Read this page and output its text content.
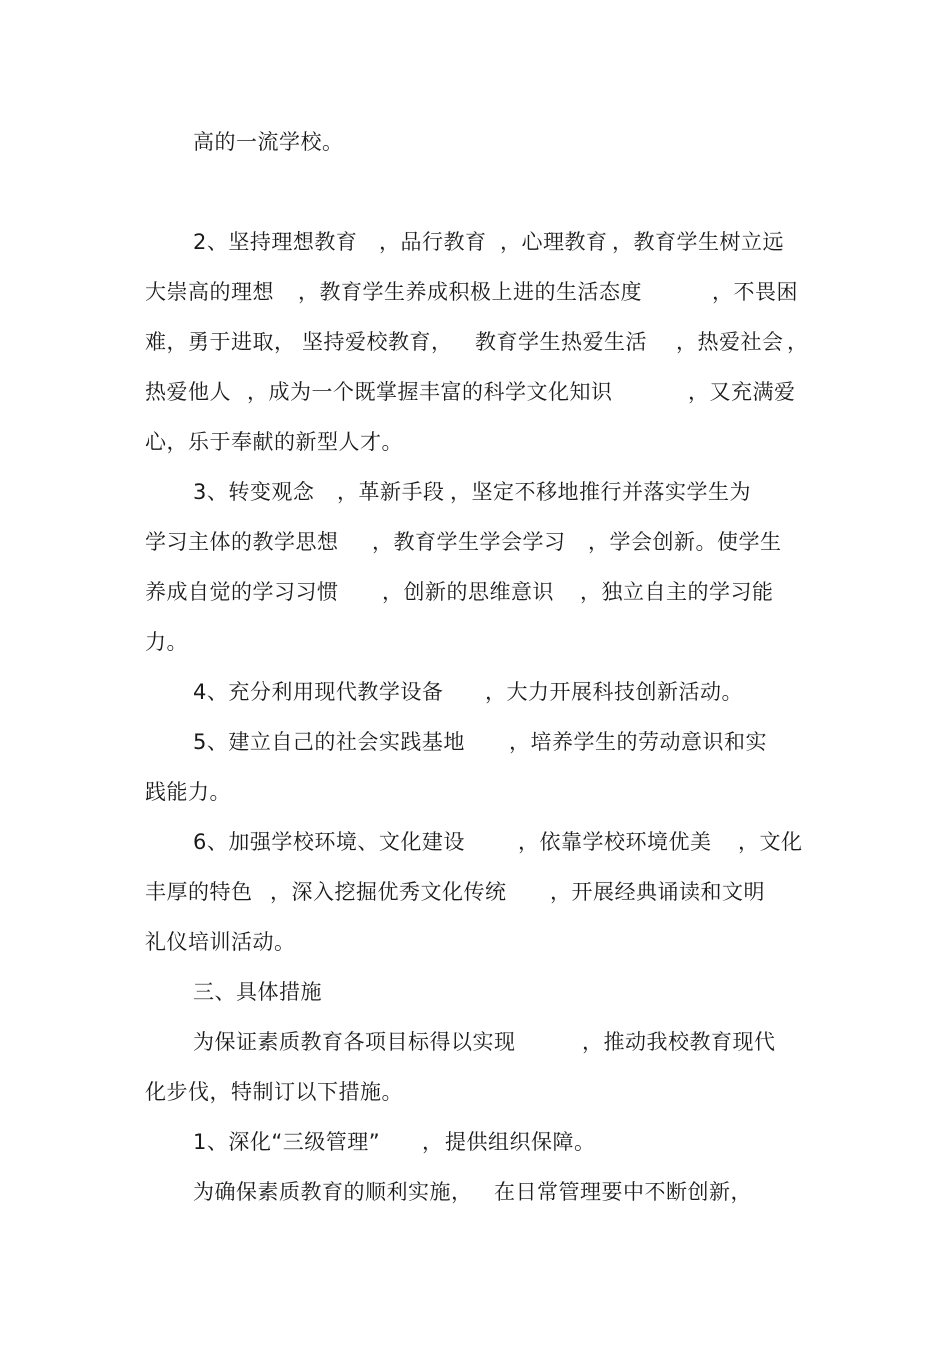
高的一流学校。

2、坚持理想教育

，品行教育

，心理教育

，教育学生树立远

大崇高的理想

，教育学生养成积极上进的生活态度

	，不畏困

难，勇于进取，

坚持爱校教育，

教育学生热爱生活

，热爱社会

，

热爱他人

，成为一个既掌握丰富的科学文化知识

	，又充满爱

心，乐于奉献的新型人才。

3、转变观念

，革新手段

，坚定不移地推行并落实学生为

学习主体的教学思想

，教育学生学会学习

，学会创新。使学生

养成自觉的学习习惯

，创新的思维意识

，独立自主的学习能

力。

4、充分利用现代教学设备

，大力开展科技创新活动。

5、建立自己的社会实践基地

，培养学生的劳动意识和实

践能力。

6、加强学校环境、文化建设

	，依靠学校环境优美

，文化

丰厚的特色

，深入挖掘优秀文化传统

，开展经典诵读和文明

礼仪培训活动。

三、具体措施

为保证素质教育各项目标得以实现

	，推动我校教育现代

化步伐，特制订以下措施。

1、深化“三级管理”

，

提供组织保障。

为确保素质教育的顺利实施，

在日常管理要中不断创新，
